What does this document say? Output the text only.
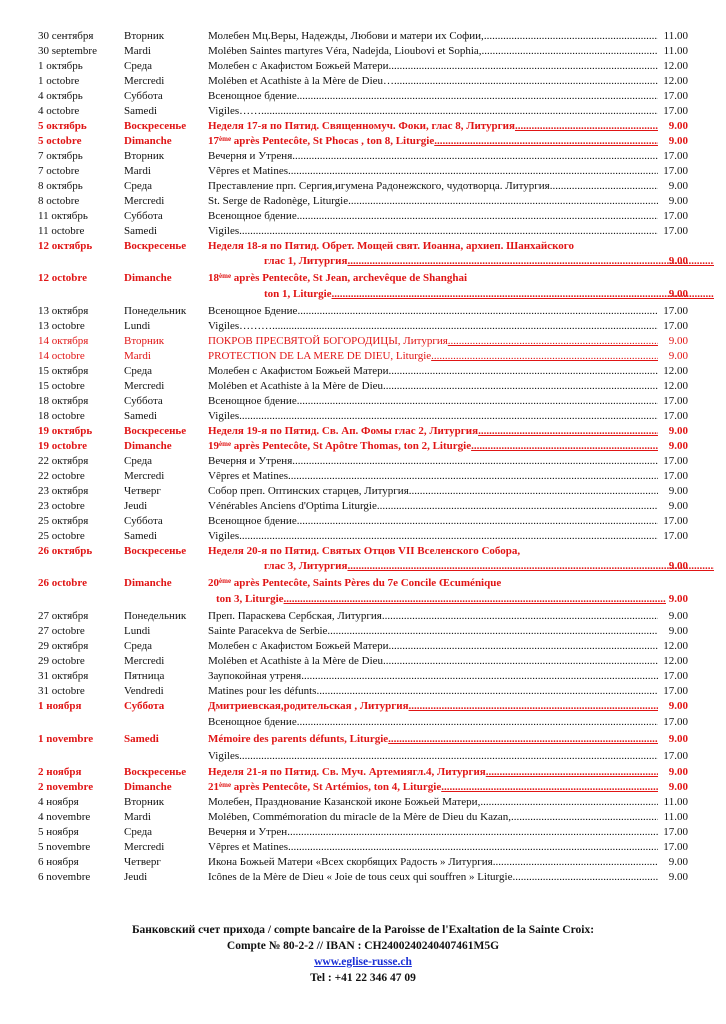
30 сентября	Вторник	Молебен Мц.Веры, Надежды, Любови и матери их Софии, .....	11.00
30 septembre Mardi	Molében Saintes martyres Véra, Nadejda, Lioubovi et Sophia, .....	11.00
1 октябрь	Среда	Молебен с Акафистом Божьей Матери .....	12.00
1 octobre	Mercredi	Molében et Acathiste à la Mère de Dieu… .....	12.00
4 октябрь	Суббота	Всенощное бдение .....	17.00
4 octobre	Samedi	Vigiles…… .....	17.00
5 октябрь	Воскресенье Неделя 17-я по Пятид. Священномуч. Фоки, глас 8, Литургия .....	9.00
5 octobre	Dimanche	17ème après Pentecôte, St Phocas , ton 8, Liturgie .....	9.00
7 октябрь	Вторник	Вечерня и Утреня .....	17.00
7 octobre	Mardi	Vêpres et Matines .....	17.00
8 октябрь	Среда	Преставление прп. Сергия,игумена Радонежского, чудотворца. Литургия .....	9.00
8 octobre	Mercredi	St. Serge de Radonège, Liturgie .....	9.00
11 октябрь	Суббота	Всенощное бдение .....	17.00
11 octobre	Samedi	Vigiles .....	17.00
12 октябрь	Воскресенье Неделя 18-я по Пятид. Обрет. Мощей свят. Иоанна, архиеп. Шанхайского
глас 1, Литургия .....	9.00
12 octobre	Dimanche	18ème après Pentecôte, St Jean, archevêque de Shanghai
ton 1, Liturgie .....	9.00
13 октября	Понедельник Всенощное Бдение .....	17.00
13 octobre	Lundi	Vigiles……… .....	17.00
14 октября	Вторник	ПОКРОВ ПРЕСВЯТОЙ БОГОРОДИЦЫ, Литургия .....	9.00
14 octobre	Mardi	PROTECTION DE LA MERE DE DIEU, Liturgie .....	9.00
15 октября	Среда	Молебен с Акафистом Божьей Матери .....	12.00
15 octobre	Mercredi	Molében et Acathiste à la Mère de Dieu .....	12.00
18 октября	Суббота	Всенощное бдение .....	17.00
18 octobre	Samedi	Vigiles .....	17.00
19 октябрь	Воскресенье Неделя 19-я по Пятид. Св. Ап. Фомы глас 2, Литургия .....	9.00
19 octobre	Dimanche	19ème après Pentecôte, St Apôtre Thomas, ton 2, Liturgie .....	9.00
22 октября	Среда	Вечерня и Утреня .....	17.00
22 octobre	Mercredi	Vêpres et Matines .....	17.00
23 октября	Четверг	Собор преп. Оптинских старцев, Литургия .....	9.00
23 octobre	Jeudi	Vénérables Anciens d'Optima Liturgie .....	9.00
25 октября	Суббота	Всенощное бдение .....	17.00
25 octobre	Samedi	Vigiles .....	17.00
26 октябрь	Воскресенье Неделя 20-я по Пятид. Святых Отцов VII Вселенского Собора,
глас 3, Литургия .....	9.00
26 octobre	Dimanche	20ème après Pentecôte, Saints Pères du 7e Concile Œcuménique
ton 3, Liturgie .....	9.00
27 октября	Понедельник Преп. Параскева Сербская, Литургия .....	9.00
27 octobre	Lundi	Sainte Paracekva de Serbie .....	9.00
29 октября	Среда	Молебен с Акафистом Божьей Матери .....	12.00
29 octobre	Mercredi	Molében et Acathiste à la Mère de Dieu .....	12.00
31 октября	Пятница	Заупокойная утреня .....	17.00
31 octobre	Vendredi	Matines pour les défunts .....	17.00
1 ноября	Суббота	Дмитриевская,родительская , Литургия .....	9.00
Всенощное бдение .....	17.00
1 novembre	Samedi	Mémoire des parents défunts, Liturgie .....	9.00
Vigiles .....	17.00
2 ноября	Воскресенье Неделя 21-я по Пятид. Св. Муч. Артемиягл.4, Литургия .....	9.00
2 novembre	Dimanche	21ème après Pentecôte, St Artémios, ton 4, Liturgie .....	9.00
4 ноября	Вторник	Молебен, Празднование Казанской иконе Божьей Матери, .....	11.00
4 novembre	Mardi	Molében, Commémoration du miracle de la Mère de Dieu du Kazan, .....	11.00
5 ноября	Среда	Вечерня и Утрен .....	17.00
5 novembre	Mercredi	Vêpres et Matines .....	17.00
6 ноября	Четверг	Икона Божьей Матери «Всех скорбящих Радость » Литургия .....	9.00
6 novembre	Jeudi	Icônes de la Mère de Dieu « Joie de tous ceux qui souffren » Liturgie .....	9.00
Банковский счет прихода / compte bancaire de la Paroisse de l'Exaltation de la Sainte Croix:
Compte № 80-2-2 // IBAN : CH2400240240407461M5G
www.eglise-russe.ch
Tel : +41 22 346 47 09
